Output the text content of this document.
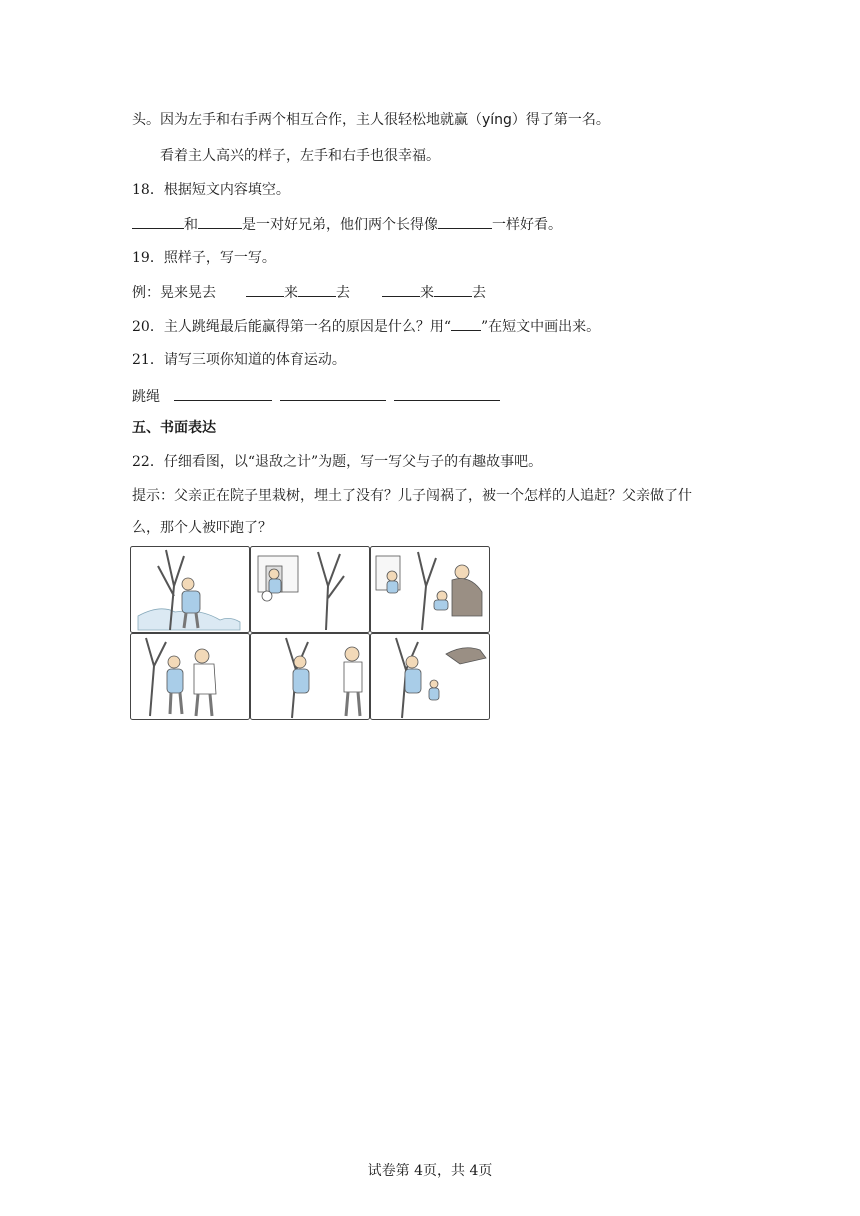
头。因为左手和右手两个相互合作，主人很轻松地就赢（yíng）得了第一名。
看着主人高兴的样子，左手和右手也很幸福。
18．根据短文内容填空。
和	是一对好兄弟，他们两个长得像	一样好看。
19．照样子，写一写。
例：晃来晃去	来	去	来	去
20．主人跳绳最后能赢得第一名的原因是什么？用“ ”在短文中画出来。
21．请写三项你知道的体育运动。
跳绳
五、书面表达
22．仔细看图，以“退敌之计”为题，写一写父与子的有趣故事吧。
提示：父亲正在院子里栽树，埋土了没有？儿子闯祸了，被一个怎样的人追赶？父亲做了什
么，那个人被吓跑了？
试卷第 4页，共 4页
